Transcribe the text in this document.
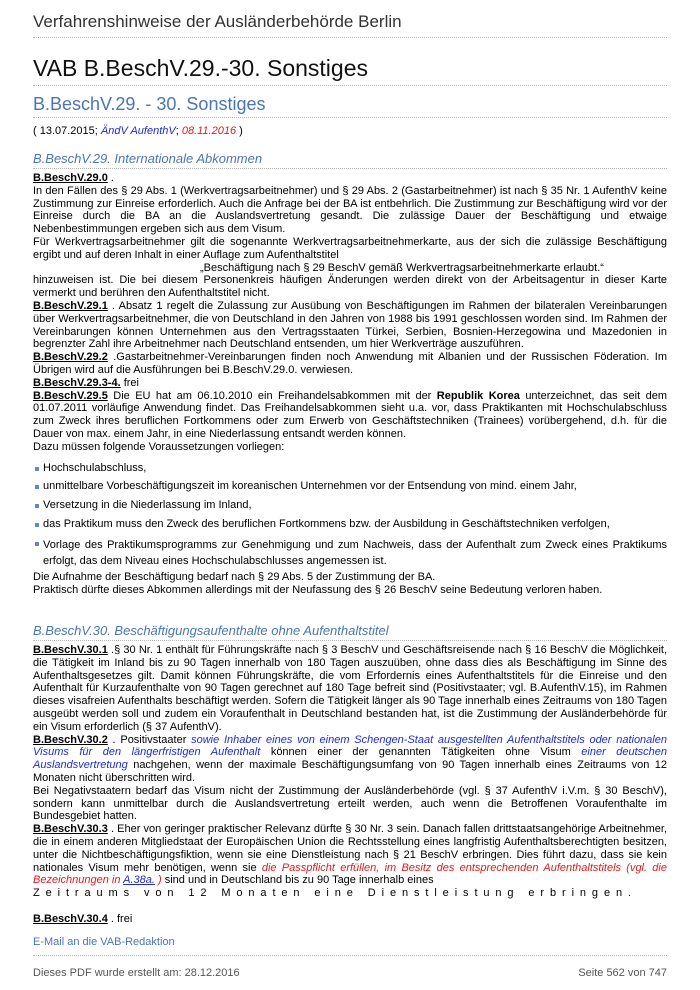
Verfahrenshinweise der Ausländerbehörde Berlin
VAB B.BeschV.29.-30. Sonstiges
B.BeschV.29. - 30. Sonstiges
( 13.07.2015; ÄndV AufenthV; 08.11.2016 )
B.BeschV.29. Internationale Abkommen

B.BeschV.29.0 .

In den Fällen des § 29 Abs. 1 (Werkvertragsarbeitnehmer) und § 29 Abs. 2 (Gastarbeitnehmer) ist nach § 35 Nr. 1 AufenthV keine Zustimmung zur Einreise erforderlich. Auch die Anfrage bei der BA ist entbehrlich. Die Zustimmung zur Beschäftigung wird vor der Einreise durch die BA an die Auslandsvertretung gesandt. Die zulässige Dauer der Beschäftigung und etwaige Nebenbestimmungen ergeben sich aus dem Visum.

Für Werkvertragsarbeitnehmer gilt die sogenannte Werkvertragsarbeitnehmerkarte, aus der sich die zulässige Beschäftigung ergibt und auf deren Inhalt in einer Auflage zum Aufenthaltstitel

„Beschäftigung nach § 29 BeschV gemäß Werkvertragsarbeitnehmerkarte erlaubt.“

hinzuweisen ist. Die bei diesem Personenkreis häufigen Änderungen werden direkt von der Arbeitsagentur in dieser Karte vermerkt und berühren den Aufenthaltstitel nicht.

B.BeschV.29.1 . Absatz 1 regelt die Zulassung zur Ausübung von Beschäftigungen im Rahmen der bilateralen Vereinbarungen über Werkvertragsarbeitnehmer, die von Deutschland in den Jahren von 1988 bis 1991 geschlossen worden sind. Im Rahmen der Vereinbarungen können Unternehmen aus den Vertragsstaaten Türkei, Serbien, Bosnien-Herzegowina und Mazedonien in begrenzter Zahl ihre Arbeitnehmer nach Deutschland entsenden, um hier Werkverträge auszuführen.

B.BeschV.29.2 .Gastarbeitnehmer-Vereinbarungen finden noch Anwendung mit Albanien und der Russischen Föderation. Im Übrigen wird auf die Ausführungen bei B.BeschV.29.0. verwiesen.

B.BeschV.29.3-4. frei

B.BeschV.29.5 Die EU hat am 06.10.2010 ein Freihandelsabkommen mit der Republik Korea unterzeichnet, das seit dem 01.07.2011 vorläufige Anwendung findet. Das Freihandelsabkommen sieht u.a. vor, dass Praktikanten mit Hochschulabschluss zum Zweck ihres beruflichen Fortkommens oder zum Erwerb von Geschäftstechniken (Trainees) vorübergehend, d.h. für die Dauer von max. einem Jahr, in eine Niederlassung entsandt werden können.

Dazu müssen folgende Voraussetzungen vorliegen:

Hochschulabschluss,
unmittelbare Vorbeschäftigungszeit im koreanischen Unternehmen vor der Entsendung von mind. einem Jahr,
Versetzung in die Niederlassung im Inland,
das Praktikum muss den Zweck des beruflichen Fortkommens bzw. der Ausbildung in Geschäftstechniken verfolgen,
Vorlage des Praktikumsprogramms zur Genehmigung und zum Nachweis, dass der Aufenthalt zum Zweck eines Praktikums erfolgt, das dem Niveau eines Hochschulabschlusses angemessen ist.

Die Aufnahme der Beschäftigung bedarf nach § 29 Abs. 5 der Zustimmung der BA.

Praktisch dürfte dieses Abkommen allerdings mit der Neufassung des § 26 BeschV seine Bedeutung verloren haben.

B.BeschV.30. Beschäftigungsaufenthalte ohne Aufenthaltstitel

B.BeschV.30.1 .§ 30 Nr. 1 enthält für Führungskräfte nach § 3 BeschV und Geschäftsreisende nach § 16 BeschV die Möglichkeit, die Tätigkeit im Inland bis zu 90 Tagen innerhalb von 180 Tagen auszuüben, ohne dass dies als Beschäftigung im Sinne des Aufenthaltsgesetzes gilt. Damit können Führungskräfte, die vom Erfordernis eines Aufenthaltstitels für die Einreise und den Aufenthalt für Kurzaufenthalte von 90 Tagen gerechnet auf 180 Tage befreit sind (Positivstaater; vgl. B.AufenthV.15), im Rahmen dieses visafreien Aufenthalts beschäftigt werden. Sofern die Tätigkeit länger als 90 Tage innerhalb eines Zeitraums von 180 Tagen ausgeübt werden soll und zudem ein Voraufenthalt in Deutschland bestanden hat, ist die Zustimmung der Ausländerbehörde für ein Visum erforderlich (§ 37 AufenthV).

B.BeschV.30.2 . Positivstaater sowie Inhaber eines von einem Schengen-Staat ausgestellten Aufenthaltstitels oder nationalen Visums für den längerfristigen Aufenthalt können einer der genannten Tätigkeiten ohne Visum einer deutschen Auslandsvertretung nachgehen, wenn der maximale Beschäftigungsumfang von 90 Tagen innerhalb eines Zeitraums von 12 Monaten nicht überschritten wird.

Bei Negativstaatern bedarf das Visum nicht der Zustimmung der Ausländerbehörde (vgl. § 37 AufenthV i.V.m. § 30 BeschV), sondern kann unmittelbar durch die Auslandsvertretung erteilt werden, auch wenn die Betroffenen Voraufenthalte im Bundesgebiet hatten.

B.BeschV.30.3 . Eher von geringer praktischer Relevanz dürfte § 30 Nr. 3 sein. Danach fallen drittstaatsangehörige Arbeitnehmer, die in einem anderen Mitgliedstaat der Europäischen Union die Rechtsstellung eines langfristig Aufenthaltsberechtigten besitzen, unter die Nichtbeschäftigungsfiktion, wenn sie eine Dienstleistung nach § 21 BeschV erbringen. Dies führt dazu, dass sie kein nationales Visum mehr benötigen, wenn sie die Passpflicht erfüllen, im Besitz des entsprechenden Aufenthaltstitels (vgl. die Bezeichnungen in A.38a. ) sind und in Deutschland bis zu 90 Tage innerhalb eines

Zeitraums von 12 Monaten eine Dienstleistung erbringen.

B.BeschV.30.4 . frei

E-Mail an die VAB-Redaktion
Dieses PDF wurde erstellt am: 28.12.2016	Seite 562 von 747
